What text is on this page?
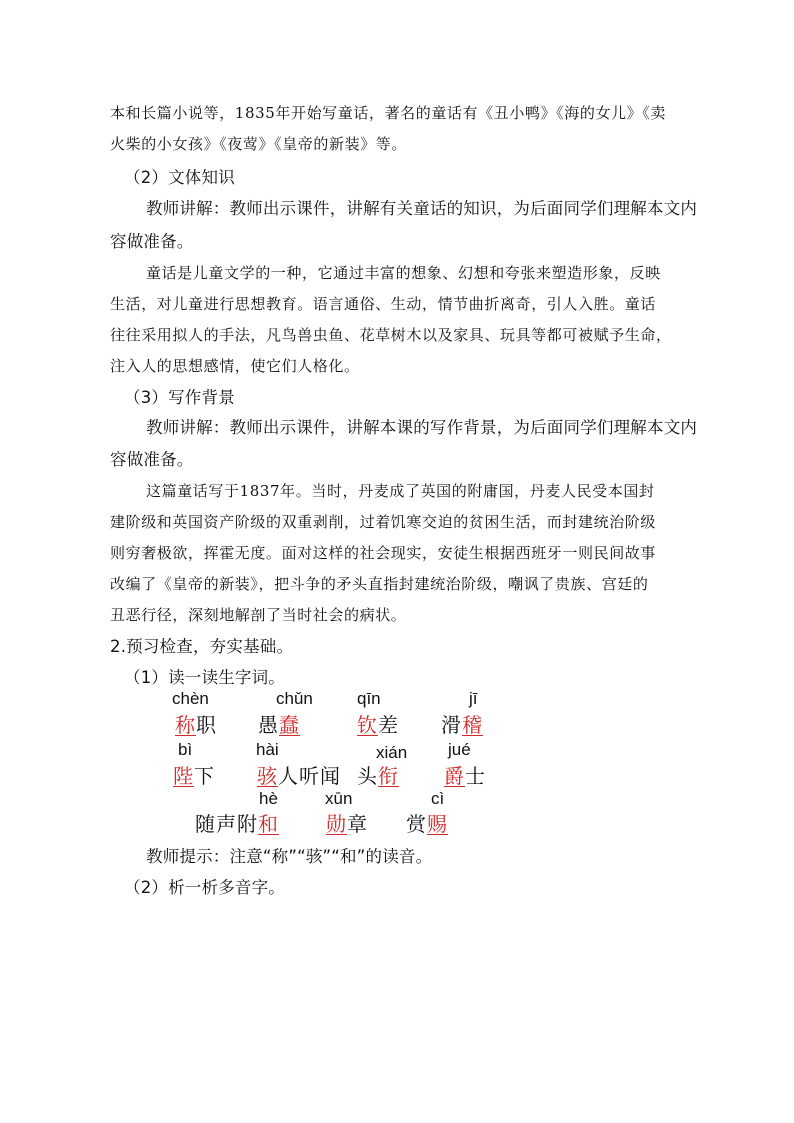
本和长篇小说等，1835年开始写童话，著名的童话有《丑小鸭》《海的女儿》《卖
火柴的小女孩》《夜莺》《皇帝的新装》等。
（2）文体知识
教师讲解：教师出示课件，讲解有关童话的知识，为后面同学们理解本文内
容做准备。
童话是儿童文学的一种，它通过丰富的想象、幻想和夸张来塑造形象，反映
生活，对儿童进行思想教育。语言通俗、生动，情节曲折离奇，引人入胜。童话
往往采用拟人的手法，凡鸟兽虫鱼、花草树木以及家具、玩具等都可被赋予生命，
注入人的思想感情，使它们人格化。
（3）写作背景
教师讲解：教师出示课件，讲解本课的写作背景，为后面同学们理解本文内
容做准备。
这篇童话写于1837年。当时，丹麦成了英国的附庸国，丹麦人民受本国封
建阶级和英国资产阶级的双重剥削，过着饥寒交迫的贫困生活，而封建统治阶级
则穷奢极欲，挥霍无度。面对这样的社会现实，安徒生根据西班牙一则民间故事
改编了《皇帝的新装》，把斗争的矛头直指封建统治阶级，嘲讽了贵族、宫廷的
丑恶行径，深刻地解剖了当时社会的病状。
2.预习检查，夯实基础。
（1）读一读生字词。
chèn
称职
chǔn
愚蠢
qīn
钦差
jī
滑稽
bì
陛下
hài
骇人听闻
xián
头衔
jué
爵士
hè
随声附和
xūn
勋章
cì
赏赐
教师提示：注意“称”“骇”“和”的读音。
（2）析一析多音字。
